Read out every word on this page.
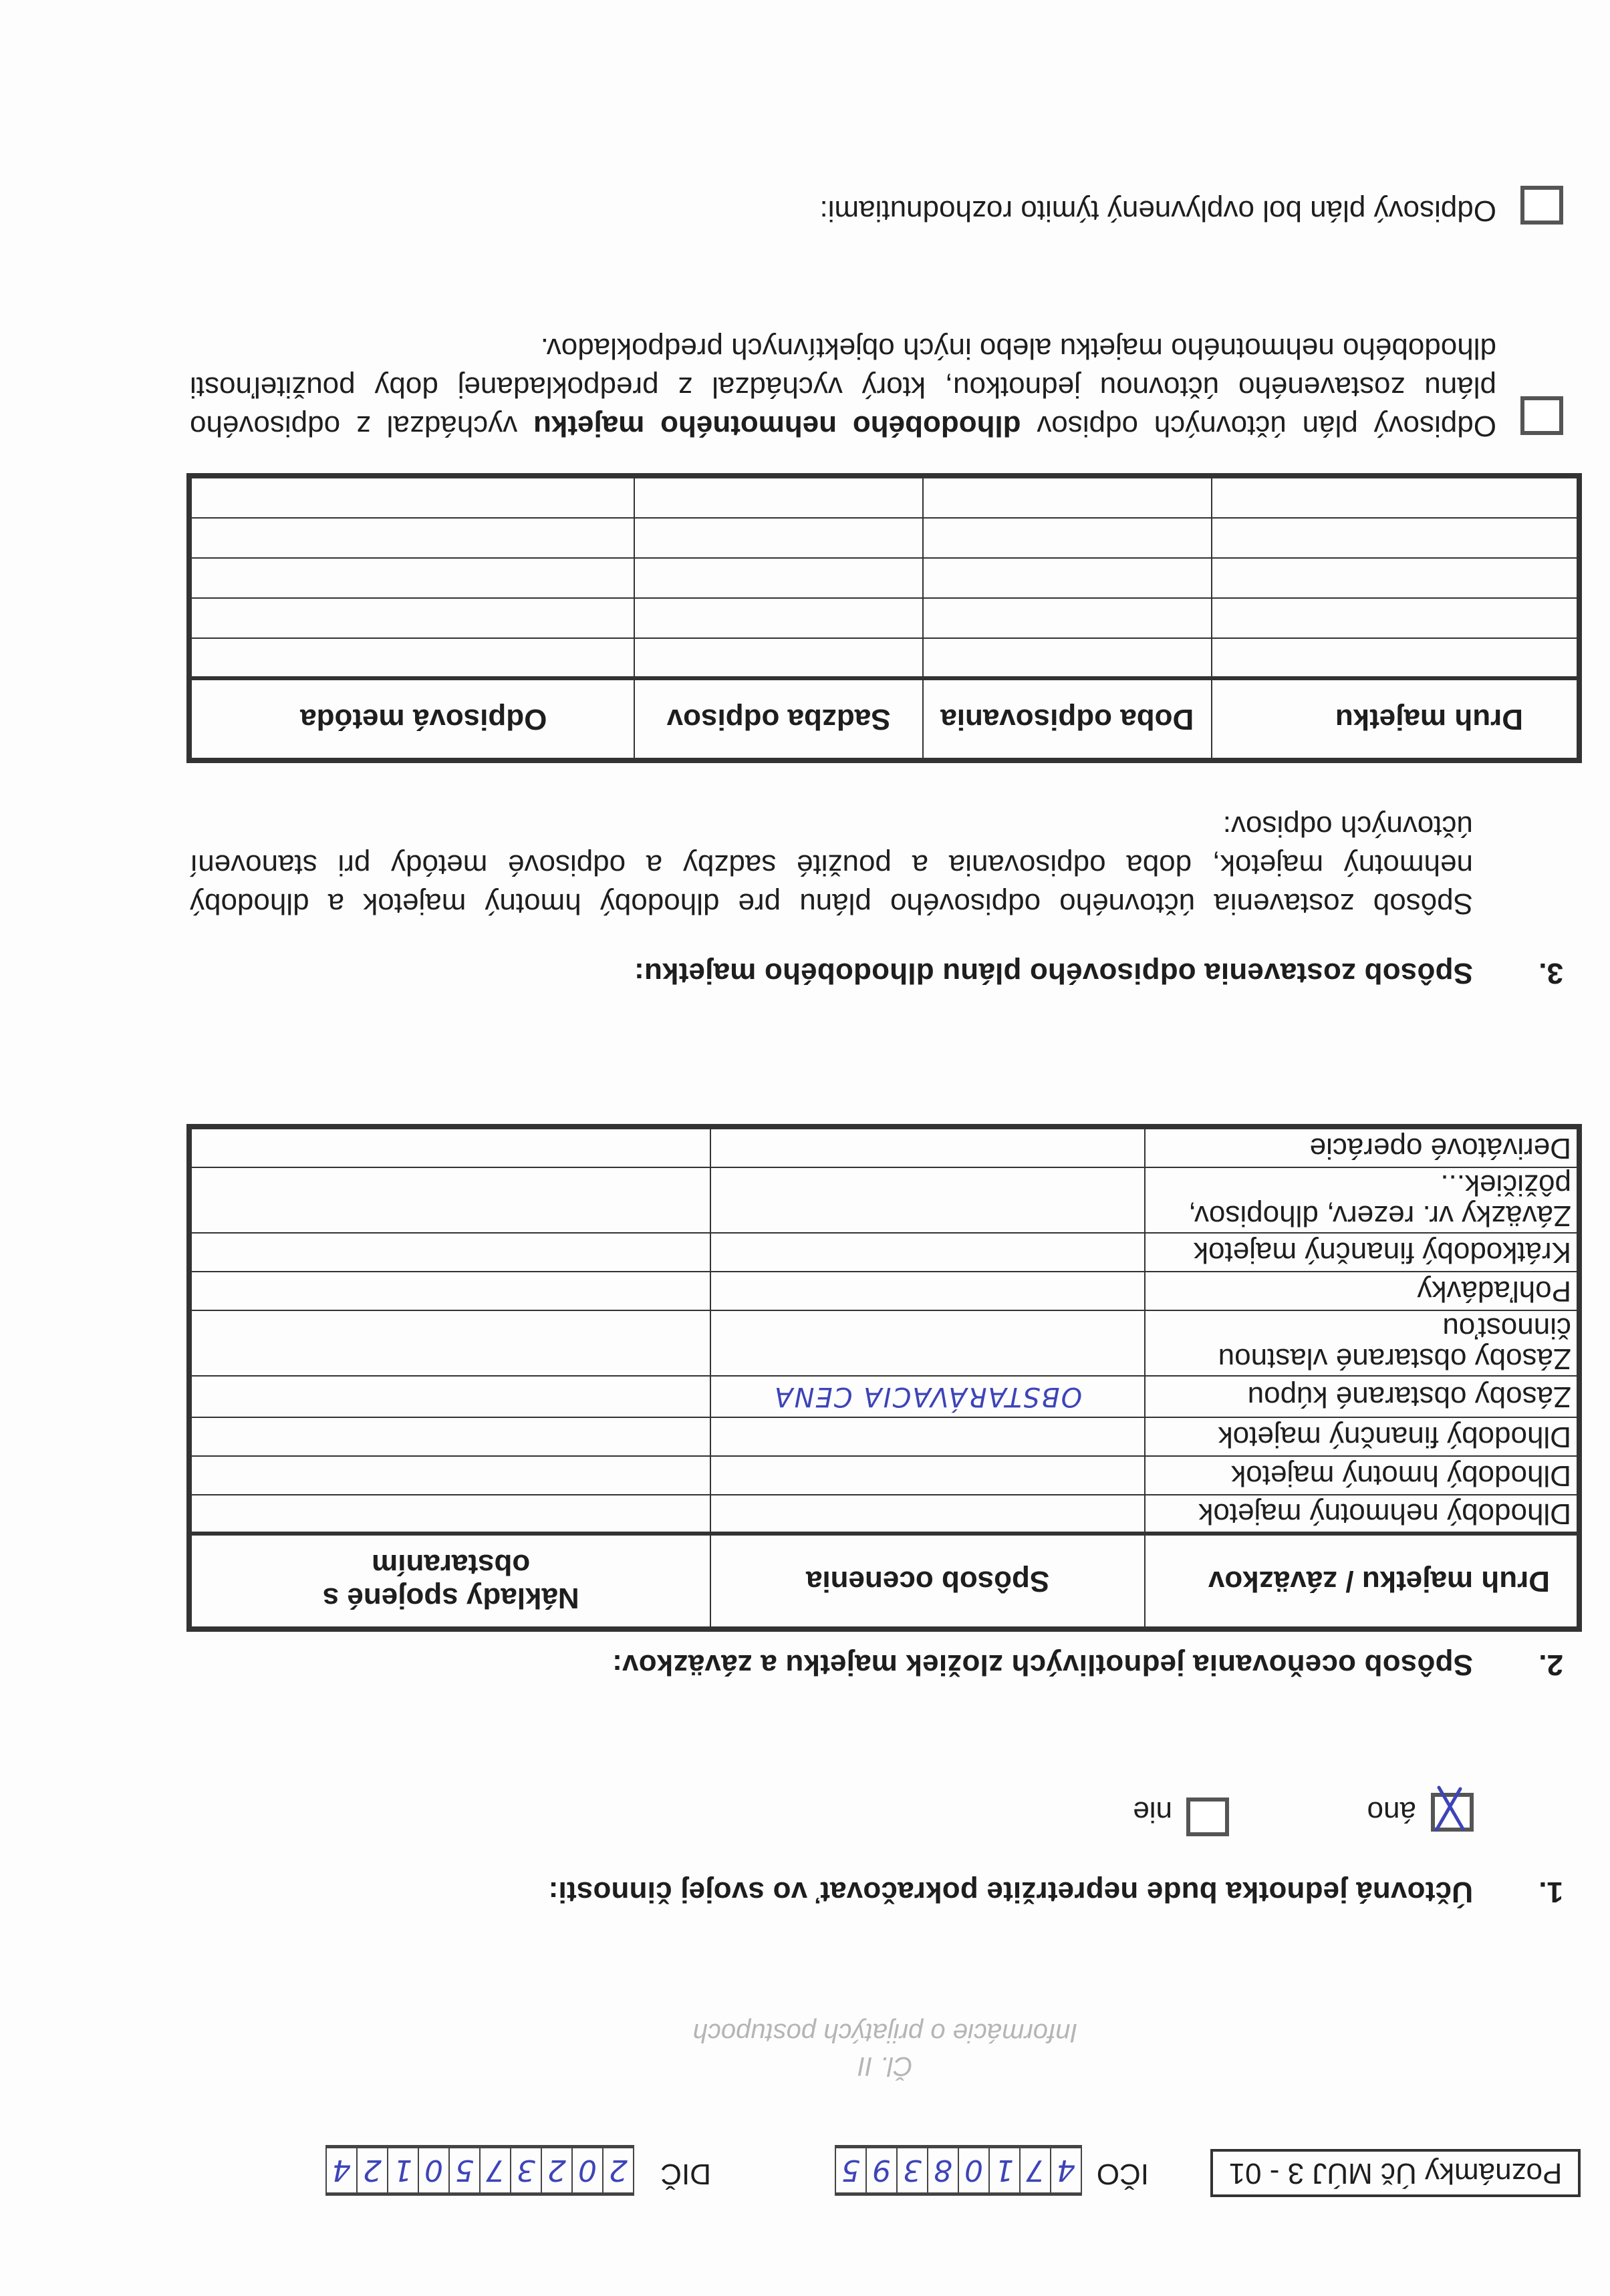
Poznámky Úč MÚJ 3 - 01
IČO
4
7
1
0
8
3
9
5
DIČ
2
0
2
3
7
5
0
1
2
4
Čl. II
Informácie o prijatých postupoch
1.
Účtovná jednotka bude nepretržite pokračovať vo svojej činnosti:
áno
nie
2.
Spôsob oceňovania jednotlivých zložiek majetku a záväzkov:
Druh majetku / záväzkov	Spôsob ocenenia	Náklady spojené s obstaraním
Dlhodobý nehmotný majetok		
Dlhodobý hmotný majetok		
Dlhodobý finančný majetok		
Zásoby obstarané kúpou	OBSTARÁVACIA CENA	
Zásoby obstarané vlastnou činnosťou		
Pohľadávky		
Krátkodobý finančný majetok		
Záväzky vr. rezerv, dlhopisov, pôžičiek...		
Derivátové operácie		
3.
Spôsob zostavenia odpisového plánu dlhodobého majetku:

Spôsob zostavenia účtovného odpisového plánu pre dlhodobý hmotný majetok a dlhodobý nehmotný majetok, doba odpisovania a použité sadzby a odpisové metódy pri stanovení účtovných odpisov:

Druh majetku	Doba odpisovania	Sadzba odpisov	Odpisová metóda

Odpisový plán účtovných odpisov dlhodobého nehmotného majetku vychádzal z odpisového plánu zostaveného účtovnou jednotkou, ktorý vychádzal z predpokladanej doby použiteľnosti dlhodobého nehmotného majetku alebo iných objektívnych predpokladov.

Odpisový plán bol ovplyvnený týmito rozhodnutiami:
